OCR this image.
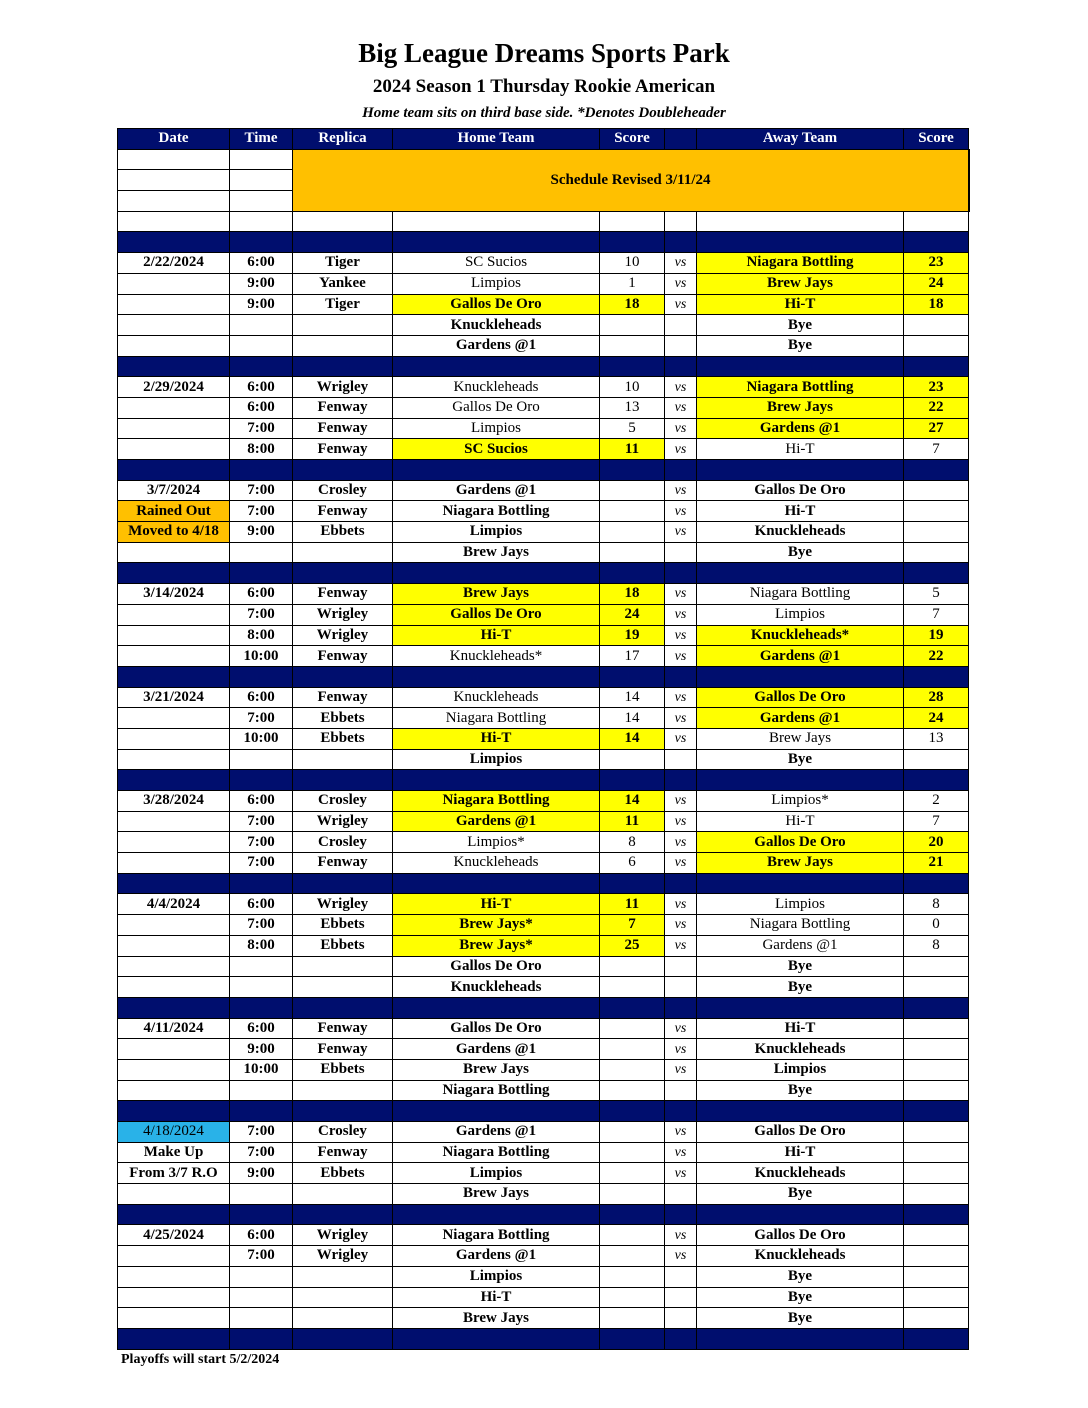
Big League Dreams Sports Park
2024 Season 1 Thursday Rookie American
Home team sits on third base side. *Denotes Doubleheader
Date	Time	Replica	Home Team	Score		Away Team	Score	
		Schedule Revised 3/11/24						

2/22/2024	6:00	Tiger	SC Sucios	10	vs	Niagara Bottling	23	
	9:00	Yankee	Limpios	1	vs	Brew Jays	24	
	9:00	Tiger	Gallos De Oro	18	vs	Hi-T	18	
			Knuckleheads			Bye		
			Gardens @1			Bye		

2/29/2024	6:00	Wrigley	Knuckleheads	10	vs	Niagara Bottling	23	
	6:00	Fenway	Gallos De Oro	13	vs	Brew Jays	22	
	7:00	Fenway	Limpios	5	vs	Gardens @1	27	
	8:00	Fenway	SC Sucios	11	vs	Hi-T	7	

3/7/2024	7:00	Crosley	Gardens @1		vs	Gallos De Oro		
Rained Out	7:00	Fenway	Niagara Bottling		vs	Hi-T		
Moved to 4/18	9:00	Ebbets	Limpios		vs	Knuckleheads		
			Brew Jays			Bye		

3/14/2024	6:00	Fenway	Brew Jays	18	vs	Niagara Bottling	5	
	7:00	Wrigley	Gallos De Oro	24	vs	Limpios	7	
	8:00	Wrigley	Hi-T	19	vs	Knuckleheads*	19	
	10:00	Fenway	Knuckleheads*	17	vs	Gardens @1	22	

3/21/2024	6:00	Fenway	Knuckleheads	14	vs	Gallos De Oro	28	
	7:00	Ebbets	Niagara Bottling	14	vs	Gardens @1	24	
	10:00	Ebbets	Hi-T	14	vs	Brew Jays	13	
			Limpios			Bye		

3/28/2024	6:00	Crosley	Niagara Bottling	14	vs	Limpios*	2	
	7:00	Wrigley	Gardens @1	11	vs	Hi-T	7	
	7:00	Crosley	Limpios*	8	vs	Gallos De Oro	20	
	7:00	Fenway	Knuckleheads	6	vs	Brew Jays	21	

4/4/2024	6:00	Wrigley	Hi-T	11	vs	Limpios	8	
	7:00	Ebbets	Brew Jays*	7	vs	Niagara Bottling	0	
	8:00	Ebbets	Brew Jays*	25	vs	Gardens @1	8	
			Gallos De Oro			Bye		
			Knuckleheads			Bye		

4/11/2024	6:00	Fenway	Gallos De Oro		vs	Hi-T		
	9:00	Fenway	Gardens @1		vs	Knuckleheads		
	10:00	Ebbets	Brew Jays		vs	Limpios		
			Niagara Bottling			Bye		

4/18/2024	7:00	Crosley	Gardens @1		vs	Gallos De Oro		
Make Up	7:00	Fenway	Niagara Bottling		vs	Hi-T		
From 3/7 R.O	9:00	Ebbets	Limpios		vs	Knuckleheads		
			Brew Jays			Bye		

4/25/2024	6:00	Wrigley	Niagara Bottling		vs	Gallos De Oro		
	7:00	Wrigley	Gardens @1		vs	Knuckleheads		
			Limpios			Bye		
			Hi-T			Bye		
			Brew Jays			Bye		

Playoffs will start 5/2/2024
